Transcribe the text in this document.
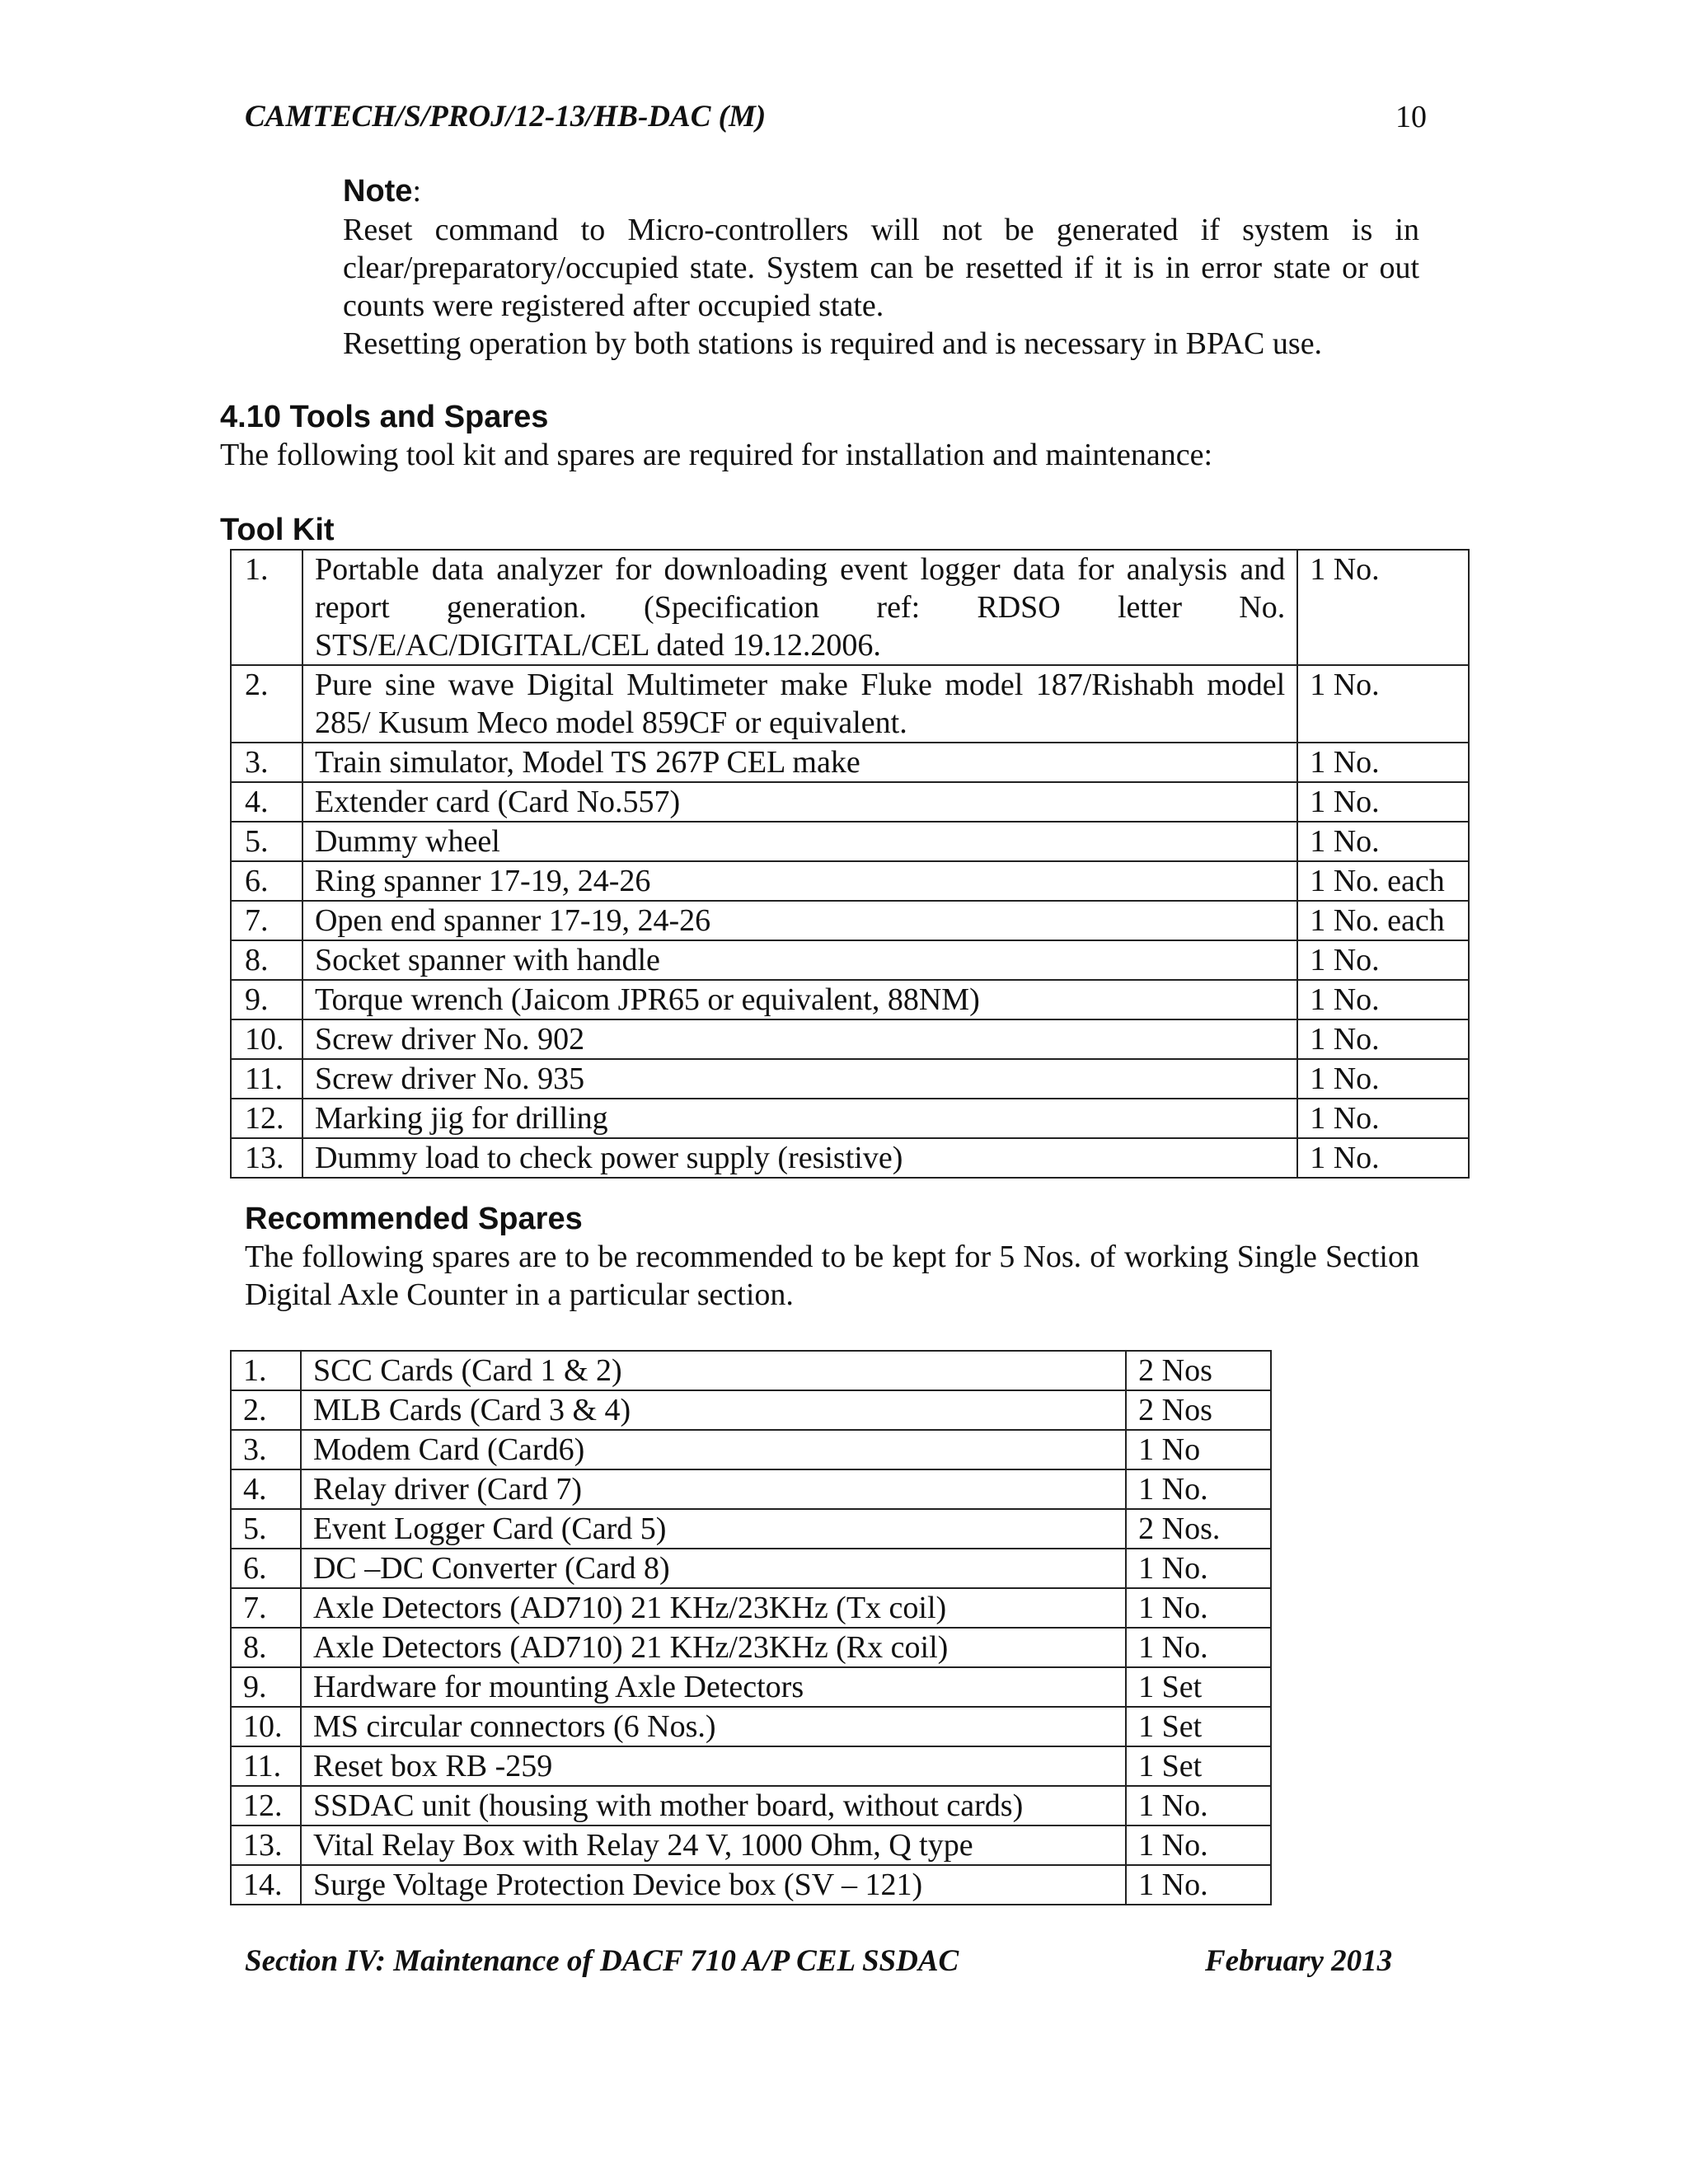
CAMTECH/S/PROJ/12-13/HB-DAC (M)	10
Note:

Reset command to Micro-controllers will not be generated if system is in clear/preparatory/occupied state. System can be resetted if it is in error state or out counts were registered after occupied state.

Resetting operation by both stations is required and is necessary in BPAC use.

4.10 Tools and Spares
The following tool kit and spares are required for installation and maintenance:
Tool Kit
1.	Portable data analyzer for downloading event logger data for analysis and report generation. (Specification ref: RDSO letter No. STS/E/AC/DIGITAL/CEL dated 19.12.2006.	1 No.
2.	Pure sine wave Digital Multimeter make Fluke model 187/Rishabh model 285/ Kusum Meco model 859CF or equivalent.	1 No.
3.	Train simulator, Model TS 267P CEL make	1 No.
4.	Extender card (Card No.557)	1 No.
5.	Dummy wheel	1 No.
6.	Ring spanner 17-19, 24-26	1 No. each
7.	Open end spanner 17-19, 24-26	1 No. each
8.	Socket spanner with handle	1 No.
9.	Torque wrench (Jaicom JPR65 or equivalent, 88NM)	1 No.
10.	Screw driver No. 902	1 No.
11.	Screw driver No. 935	1 No.
12.	Marking jig for drilling	1 No.
13.	Dummy load to check power supply (resistive)	1 No.
Recommended Spares

The following spares are to be recommended to be kept for 5 Nos. of working Single Section Digital Axle Counter in a particular section.

1.	SCC Cards (Card 1 & 2)	2 Nos
2.	MLB Cards (Card 3 & 4)	2 Nos
3.	Modem Card (Card6)	1 No
4.	Relay driver (Card 7)	1 No.
5.	Event Logger Card (Card 5)	2 Nos.
6.	DC –DC Converter (Card 8)	1 No.
7.	Axle Detectors (AD710) 21 KHz/23KHz (Tx coil)	1 No.
8.	Axle Detectors (AD710) 21 KHz/23KHz (Rx coil)	1 No.
9.	Hardware for mounting Axle Detectors	1 Set
10.	MS circular connectors (6 Nos.)	1 Set
11.	Reset box RB -259	1 Set
12.	SSDAC unit (housing with mother board, without cards)	1 No.
13.	Vital Relay Box with Relay 24 V, 1000 Ohm, Q type	1 No.
14.	Surge Voltage Protection Device box (SV – 121)	1 No.
Section IV: Maintenance of DACF 710 A/P CEL SSDAC	February 2013
